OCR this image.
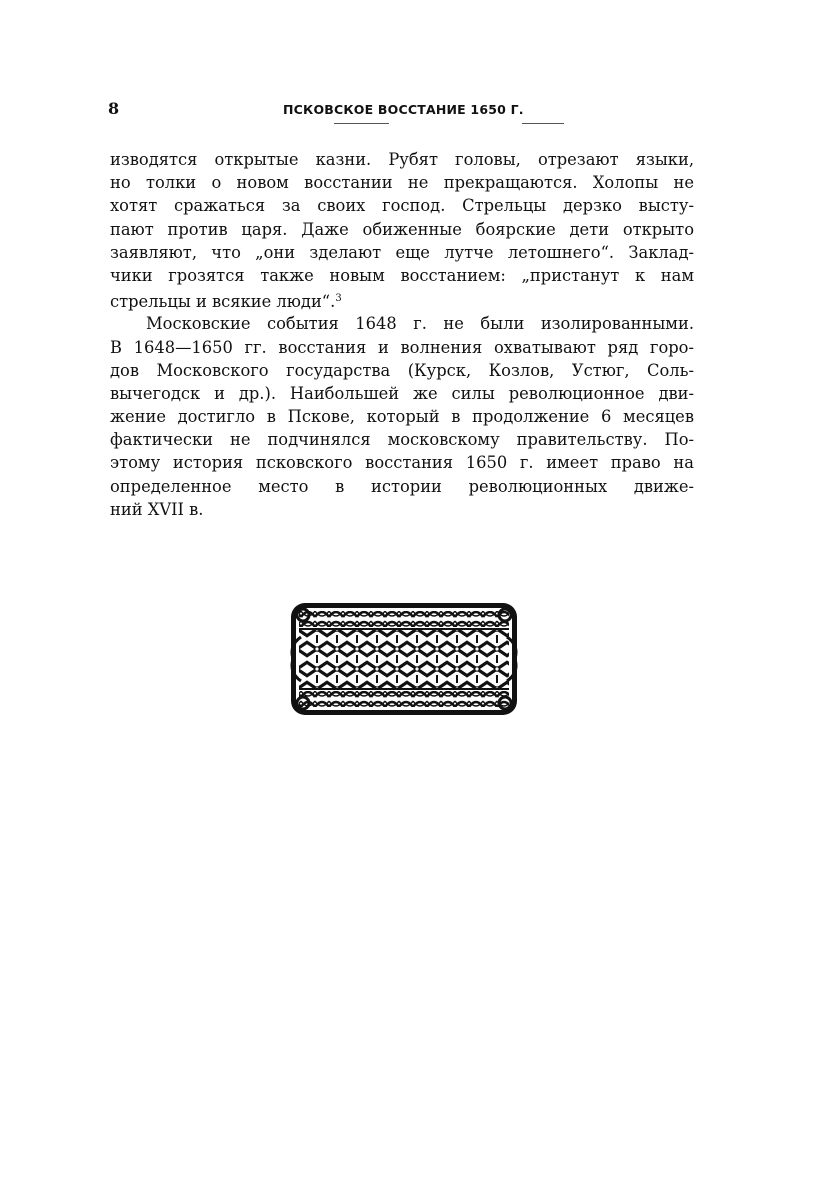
8	ПСКОВСКОЕ ВОССТАНИЕ 1650 Г.
изводятся открытые казни. Рубят головы, отрезают языки,
но толки о новом восстании не прекращаются. Холопы не
хотят сражаться за своих господ. Стрельцы дерзко высту-
пают против царя. Даже обиженные боярские дети открыто
заявляют, что „они зделают еще лутче летошнего“. Заклад-
чики грозятся также новым восстанием: „пристанут к нам
стрельцы и всякие люди“.$^3$
Московские события 1648 г. не были изолированными.
В 1648—1650 гг. восстания и волнения охватывают ряд горо-
дов Московского государства (Курск, Козлов, Устюг, Соль-
вычегодск и др.). Наибольшей же силы революционное дви-
жение достигло в Пскове, который в продолжение 6 месяцев
фактически не подчинялся московскому правительству. По-
этому история псковского восстания 1650 г. имеет право на
определенное место в истории революционных движе-
ний XVII в.
